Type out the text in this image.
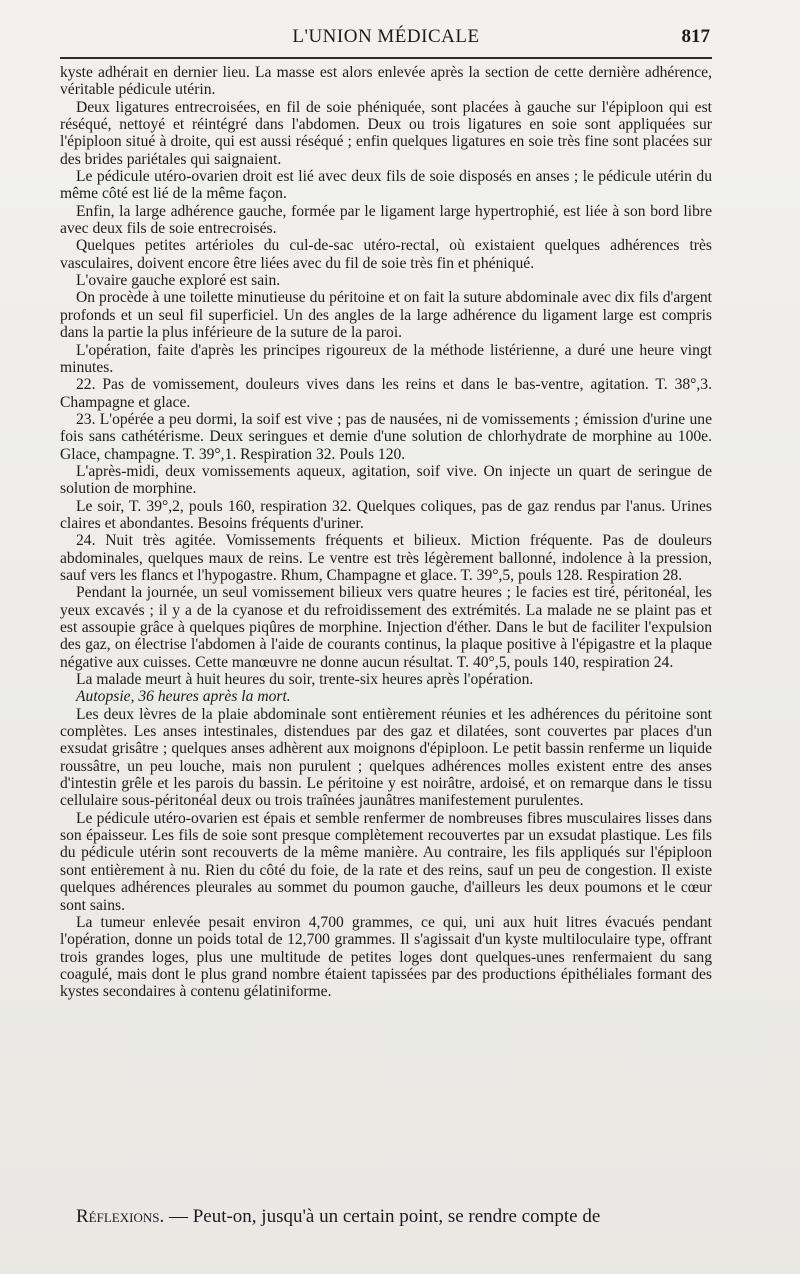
L'UNION MÉDICALE	817

kyste adhérait en dernier lieu. La masse est alors enlevée après la section de cette dernière adhérence, véritable pédicule utérin.

Deux ligatures entrecroisées, en fil de soie phéniquée, sont placées à gauche sur l'épiploon qui est réséqué, nettoyé et réintégré dans l'abdomen. Deux ou trois ligatures en soie sont appliquées sur l'épiploon situé à droite, qui est aussi réséqué ; enfin quelques ligatures en soie très fine sont placées sur des brides pariétales qui saignaient.

Le pédicule utéro-ovarien droit est lié avec deux fils de soie disposés en anses ; le pédicule utérin du même côté est lié de la même façon.

Enfin, la large adhérence gauche, formée par le ligament large hypertrophié, est liée à son bord libre avec deux fils de soie entrecroisés.

Quelques petites artérioles du cul-de-sac utéro-rectal, où existaient quelques adhérences très vasculaires, doivent encore être liées avec du fil de soie très fin et phéniqué.

L'ovaire gauche exploré est sain.

On procède à une toilette minutieuse du péritoine et on fait la suture abdominale avec dix fils d'argent profonds et un seul fil superficiel. Un des angles de la large adhérence du ligament large est compris dans la partie la plus inférieure de la suture de la paroi.

L'opération, faite d'après les principes rigoureux de la méthode listérienne, a duré une heure vingt minutes.

22. Pas de vomissement, douleurs vives dans les reins et dans le bas-ventre, agitation. T. 38°,3. Champagne et glace.

23. L'opérée a peu dormi, la soif est vive ; pas de nausées, ni de vomissements ; émission d'urine une fois sans cathétérisme. Deux seringues et demie d'une solution de chlorhydrate de morphine au 100e. Glace, champagne. T. 39°,1. Respiration 32. Pouls 120.

L'après-midi, deux vomissements aqueux, agitation, soif vive. On injecte un quart de seringue de solution de morphine.

Le soir, T. 39°,2, pouls 160, respiration 32. Quelques coliques, pas de gaz rendus par l'anus. Urines claires et abondantes. Besoins fréquents d'uriner.

24. Nuit très agitée. Vomissements fréquents et bilieux. Miction fréquente. Pas de douleurs abdominales, quelques maux de reins. Le ventre est très légèrement ballonné, indolence à la pression, sauf vers les flancs et l'hypogastre. Rhum, Champagne et glace. T. 39°,5, pouls 128. Respiration 28.

Pendant la journée, un seul vomissement bilieux vers quatre heures ; le facies est tiré, péritonéal, les yeux excavés ; il y a de la cyanose et du refroidissement des extrémités. La malade ne se plaint pas et est assoupie grâce à quelques piqûres de morphine. Injection d'éther. Dans le but de faciliter l'expulsion des gaz, on électrise l'abdomen à l'aide de courants continus, la plaque positive à l'épigastre et la plaque négative aux cuisses. Cette manœuvre ne donne aucun résultat. T. 40°,5, pouls 140, respiration 24.

La malade meurt à huit heures du soir, trente-six heures après l'opération.

Autopsie, 36 heures après la mort.

Les deux lèvres de la plaie abdominale sont entièrement réunies et les adhérences du péritoine sont complètes. Les anses intestinales, distendues par des gaz et dilatées, sont couvertes par places d'un exsudat grisâtre ; quelques anses adhèrent aux moignons d'épiploon. Le petit bassin renferme un liquide roussâtre, un peu louche, mais non purulent ; quelques adhérences molles existent entre des anses d'intestin grêle et les parois du bassin. Le péritoine y est noirâtre, ardoisé, et on remarque dans le tissu cellulaire sous-péritonéal deux ou trois traînées jaunâtres manifestement purulentes.

Le pédicule utéro-ovarien est épais et semble renfermer de nombreuses fibres musculaires lisses dans son épaisseur. Les fils de soie sont presque complètement recouvertes par un exsudat plastique. Les fils du pédicule utérin sont recouverts de la même manière. Au contraire, les fils appliqués sur l'épiploon sont entièrement à nu. Rien du côté du foie, de la rate et des reins, sauf un peu de congestion. Il existe quelques adhérences pleurales au sommet du poumon gauche, d'ailleurs les deux poumons et le cœur sont sains.

La tumeur enlevée pesait environ 4,700 grammes, ce qui, uni aux huit litres évacués pendant l'opération, donne un poids total de 12,700 grammes. Il s'agissait d'un kyste multiloculaire type, offrant trois grandes loges, plus une multitude de petites loges dont quelques-unes renfermaient du sang coagulé, mais dont le plus grand nombre étaient tapissées par des productions épithéliales formant des kystes secondaires à contenu gélatiniforme.

Réflexions. — Peut-on, jusqu'à un certain point, se rendre compte de
